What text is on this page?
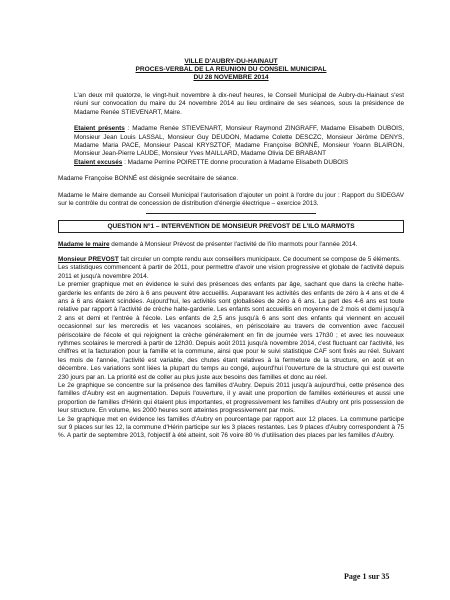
VILLE D'AUBRY-DU-HAINAUT
PROCES-VERBAL DE LA REUNION DU CONSEIL MUNICIPAL
DU 28 NOVEMBRE 2014

L'an deux mil quatorze, le vingt-huit novembre à dix-neuf heures, le Conseil Municipal de Aubry-du-Hainaut s'est réuni sur convocation du maire du 24 novembre 2014 au lieu ordinaire de ses séances, sous la présidence de Madame Renée STIEVENART, Maire.

Etaient présents : Madame Renée STIEVENART, Monsieur Raymond ZINGRAFF, Madame Elisabeth DUBOIS, Monsieur Jean Louis LASSAL, Monsieur Guy DEUDON, Madame Colette DESCZC, Monsieur Jérôme DENYS, Madame Maria PACE, Monsieur Pascal KRYSZTOF, Madame Françoise BONNÉ, Monsieur Yoann BLAIRON, Monsieur Jean-Pierre LAUDE, Monsieur Yves MAILLARD, Madame Olivia DE BRABANT

Etaient excusés : Madame Perrine POIRETTE donne procuration à Madame Elisabeth DUBOIS

Madame Françoise BONNÉ est désignée secrétaire de séance.

Madame le Maire demande au Conseil Municipal l'autorisation d'ajouter un point à l'ordre du jour : Rapport du SIDEGAV sur le contrôle du contrat de concession de distribution d'énergie électrique – exercice 2013.

QUESTION N°1 – INTERVENTION DE MONSIEUR PREVOST DE L'ILO MARMOTS

Madame le maire demande à Monsieur Prévost de présenter l'activité de l'ilo marmots pour l'année 2014.

Monsieur PREVOST fait circuler un compte rendu aux conseillers municipaux. Ce document se compose de 5 éléments.

Les statistiques commencent à partir de 2011, pour permettre d'avoir une vision progressive et globale de l'activité depuis 2011 et jusqu'à novembre 2014.

Le premier graphique met en évidence le suivi des présences des enfants par âge, sachant que dans la crèche halte-garderie les enfants de zéro à 6 ans peuvent être accueillis. Auparavant les activités des enfants de zéro à 4 ans et de 4 ans à 6 ans étaient scindées. Aujourd'hui, les activités sont globalisées de zéro à 6 ans. La part des 4-6 ans est toute relative par rapport à l'activité de crèche halte-garderie. Les enfants sont accueillis en moyenne de 2 mois et demi jusqu'à 2 ans et demi et l'entrée à l'école. Les enfants de 2,5 ans jusqu'à 6 ans sont des enfants qui viennent en accueil occasionnel sur les mercredis et les vacances scolaires, en périscolaire au travers de convention avec l'accueil périscolaire de l'école et qui rejoignent la crèche généralement en fin de journée vers 17h30 ; et avec les nouveaux rythmes scolaires le mercredi à partir de 12h30. Depuis août 2011 jusqu'à novembre 2014, c'est fluctuant car l'activité, les chiffres et la facturation pour la famille et la commune, ainsi que pour le suivi statistique CAF sont fixés au réel. Suivant les mois de l'année, l'activité est variable, des chutes étant relatives à la fermeture de la structure, en août et en décembre. Les variations sont liées la plupart du temps au congé, aujourd'hui l'ouverture de la structure qui est ouverte 230 jours par an. La priorité est de coller au plus juste aux besoins des familles et donc au réel.

Le 2e graphique se concentre sur la présence des familles d'Aubry. Depuis 2011 jusqu'à aujourd'hui, cette présence des familles d'Aubry est en augmentation. Depuis l'ouverture, il y avait une proportion de familles extérieures et aussi une proportion de familles d'Hérin qui étaient plus importantes, et progressivement les familles d'Aubry ont pris possession de leur structure. En volume, les 2000 heures sont atteintes progressivement par mois.

Le 3e graphique met en évidence les familles d'Aubry en pourcentage par rapport aux 12 places. La commune participe sur 9 places sur les 12, la commune d'Hérin participe sur les 3 places restantes. Les 9 places d'Aubry correspondent à 75 %. A partir de septembre 2013, l'objectif à été atteint, soit 76 voire 80 % d'utilisation des places par les familles d'Aubry.

Page 1 sur 35
